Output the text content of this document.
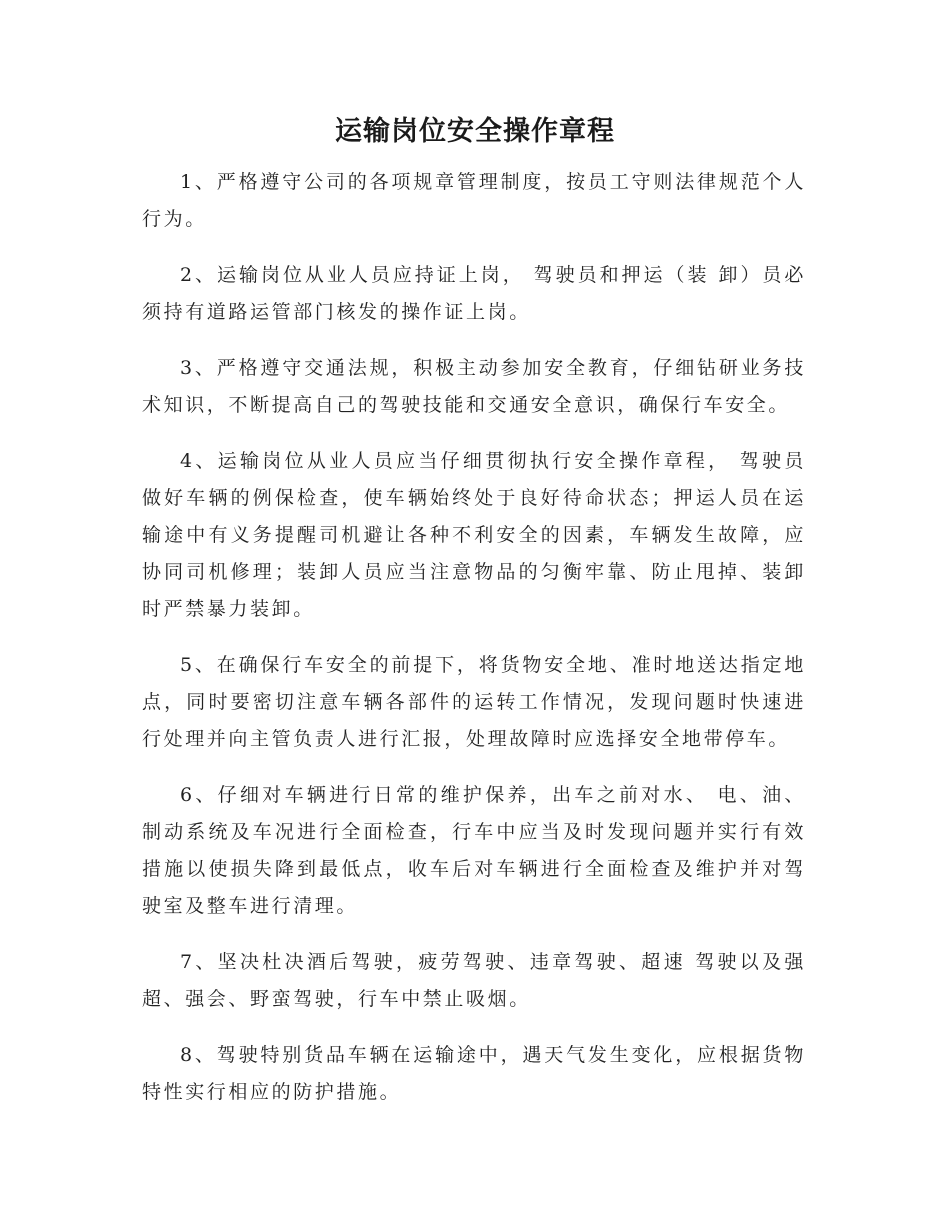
运输岗位安全操作章程

1、严格遵守公司的各项规章管理制度，按员工守则法律规范个人行为。

2、运输岗位从业人员应持证上岗， 驾驶员和押运（装 卸）员必须持有道路运管部门核发的操作证上岗。

3、严格遵守交通法规，积极主动参加安全教育，仔细钻研业务技术知识，不断提高自己的驾驶技能和交通安全意识，确保行车安全。

4、运输岗位从业人员应当仔细贯彻执行安全操作章程， 驾驶员做好车辆的例保检查，使车辆始终处于良好待命状态；押运人员在运输途中有义务提醒司机避让各种不利安全的因素，车辆发生故障，应协同司机修理；装卸人员应当注意物品的匀衡牢靠、防止甩掉、装卸时严禁暴力装卸。

5、在确保行车安全的前提下，将货物安全地、准时地送达指定地点，同时要密切注意车辆各部件的运转工作情况，发现问题时快速进行处理并向主管负责人进行汇报，处理故障时应选择安全地带停车。

6、仔细对车辆进行日常的维护保养，出车之前对水、 电、油、制动系统及车况进行全面检查，行车中应当及时发现问题并实行有效措施以使损失降到最低点，收车后对车辆进行全面检查及维护并对驾驶室及整车进行清理。

7、坚决杜决酒后驾驶，疲劳驾驶、违章驾驶、超速 驾驶以及强超、强会、野蛮驾驶，行车中禁止吸烟。

8、驾驶特别货品车辆在运输途中，遇天气发生变化，应根据货物特性实行相应的防护措施。
